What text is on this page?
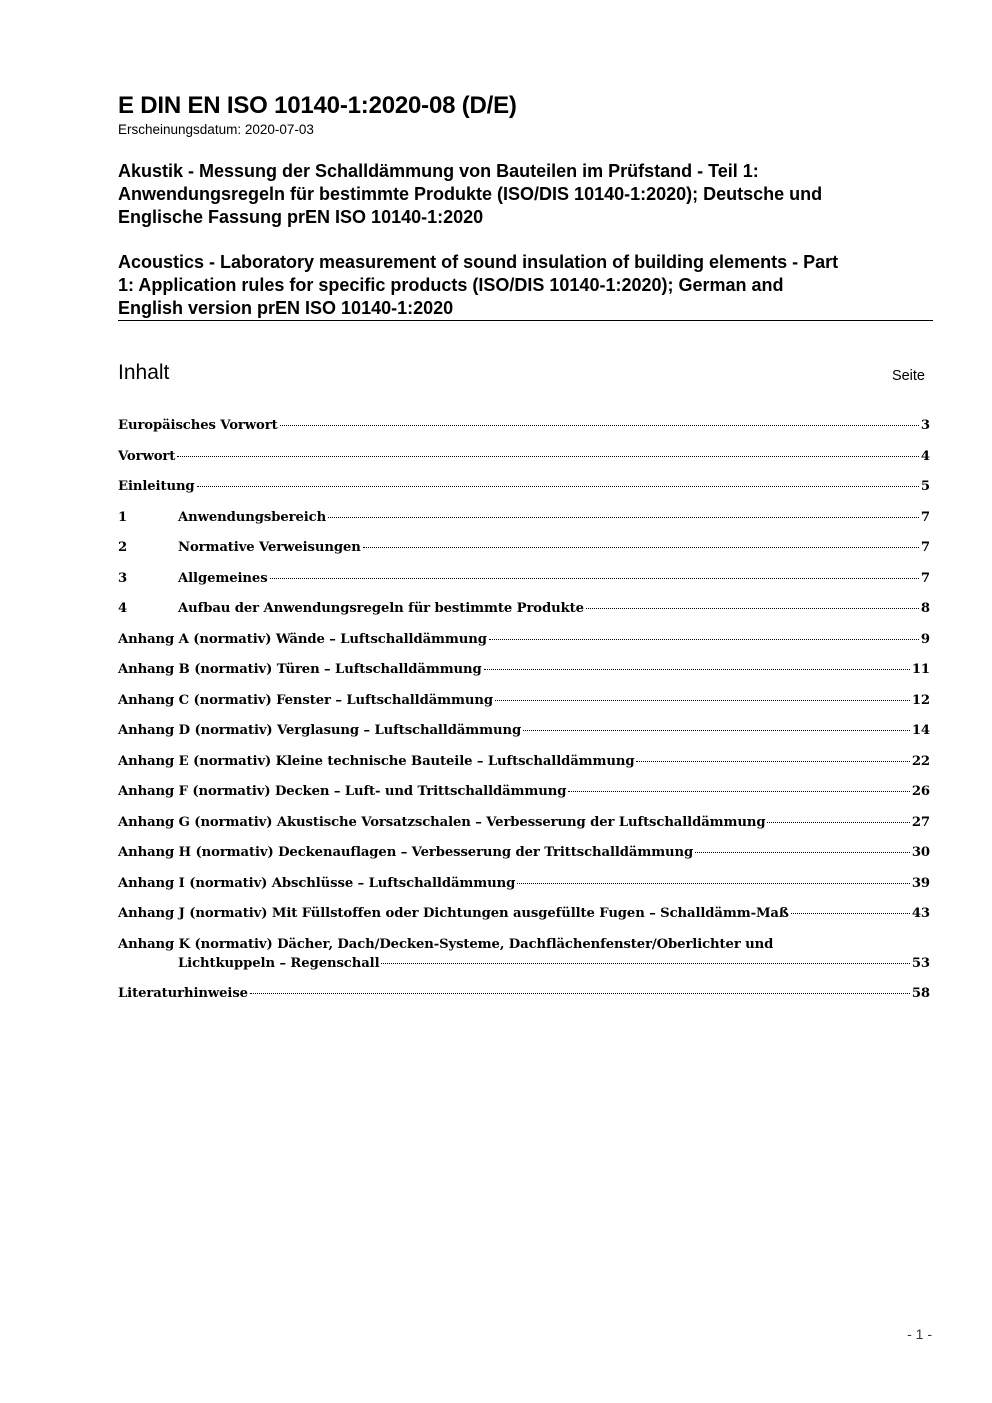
E DIN EN ISO 10140-1:2020-08 (D/E)
Erscheinungsdatum: 2020-07-03
Akustik - Messung der Schalldämmung von Bauteilen im Prüfstand - Teil 1:
Anwendungsregeln für bestimmte Produkte (ISO/DIS 10140-1:2020); Deutsche und
Englische Fassung prEN ISO 10140-1:2020
Acoustics - Laboratory measurement of sound insulation of building elements - Part
1: Application rules for specific products (ISO/DIS 10140-1:2020); German and
English version prEN ISO 10140-1:2020
Inhalt	Seite
Europäisches Vorwort	3
Vorwort	4
Einleitung	5
1	Anwendungsbereich	7
2	Normative Verweisungen	7
3	Allgemeines	7
4	Aufbau der Anwendungsregeln für bestimmte Produkte	8
Anhang A (normativ) Wände – Luftschalldämmung	9
Anhang B (normativ) Türen – Luftschalldämmung	11
Anhang C (normativ) Fenster – Luftschalldämmung	12
Anhang D (normativ) Verglasung – Luftschalldämmung	14
Anhang E (normativ) Kleine technische Bauteile – Luftschalldämmung	22
Anhang F (normativ) Decken – Luft- und Trittschalldämmung	26
Anhang G (normativ) Akustische Vorsatzschalen – Verbesserung der Luftschalldämmung	27
Anhang H (normativ) Deckenauflagen – Verbesserung der Trittschalldämmung	30
Anhang I (normativ) Abschlüsse – Luftschalldämmung	39
Anhang J (normativ) Mit Füllstoffen oder Dichtungen ausgefüllte Fugen – Schalldämm-Maß	43
Anhang K (normativ) Dächer, Dach/Decken-Systeme, Dachflächenfenster/Oberlichter und
Lichtkuppeln – Regenschall	53
Literaturhinweise	58
- 1 -
